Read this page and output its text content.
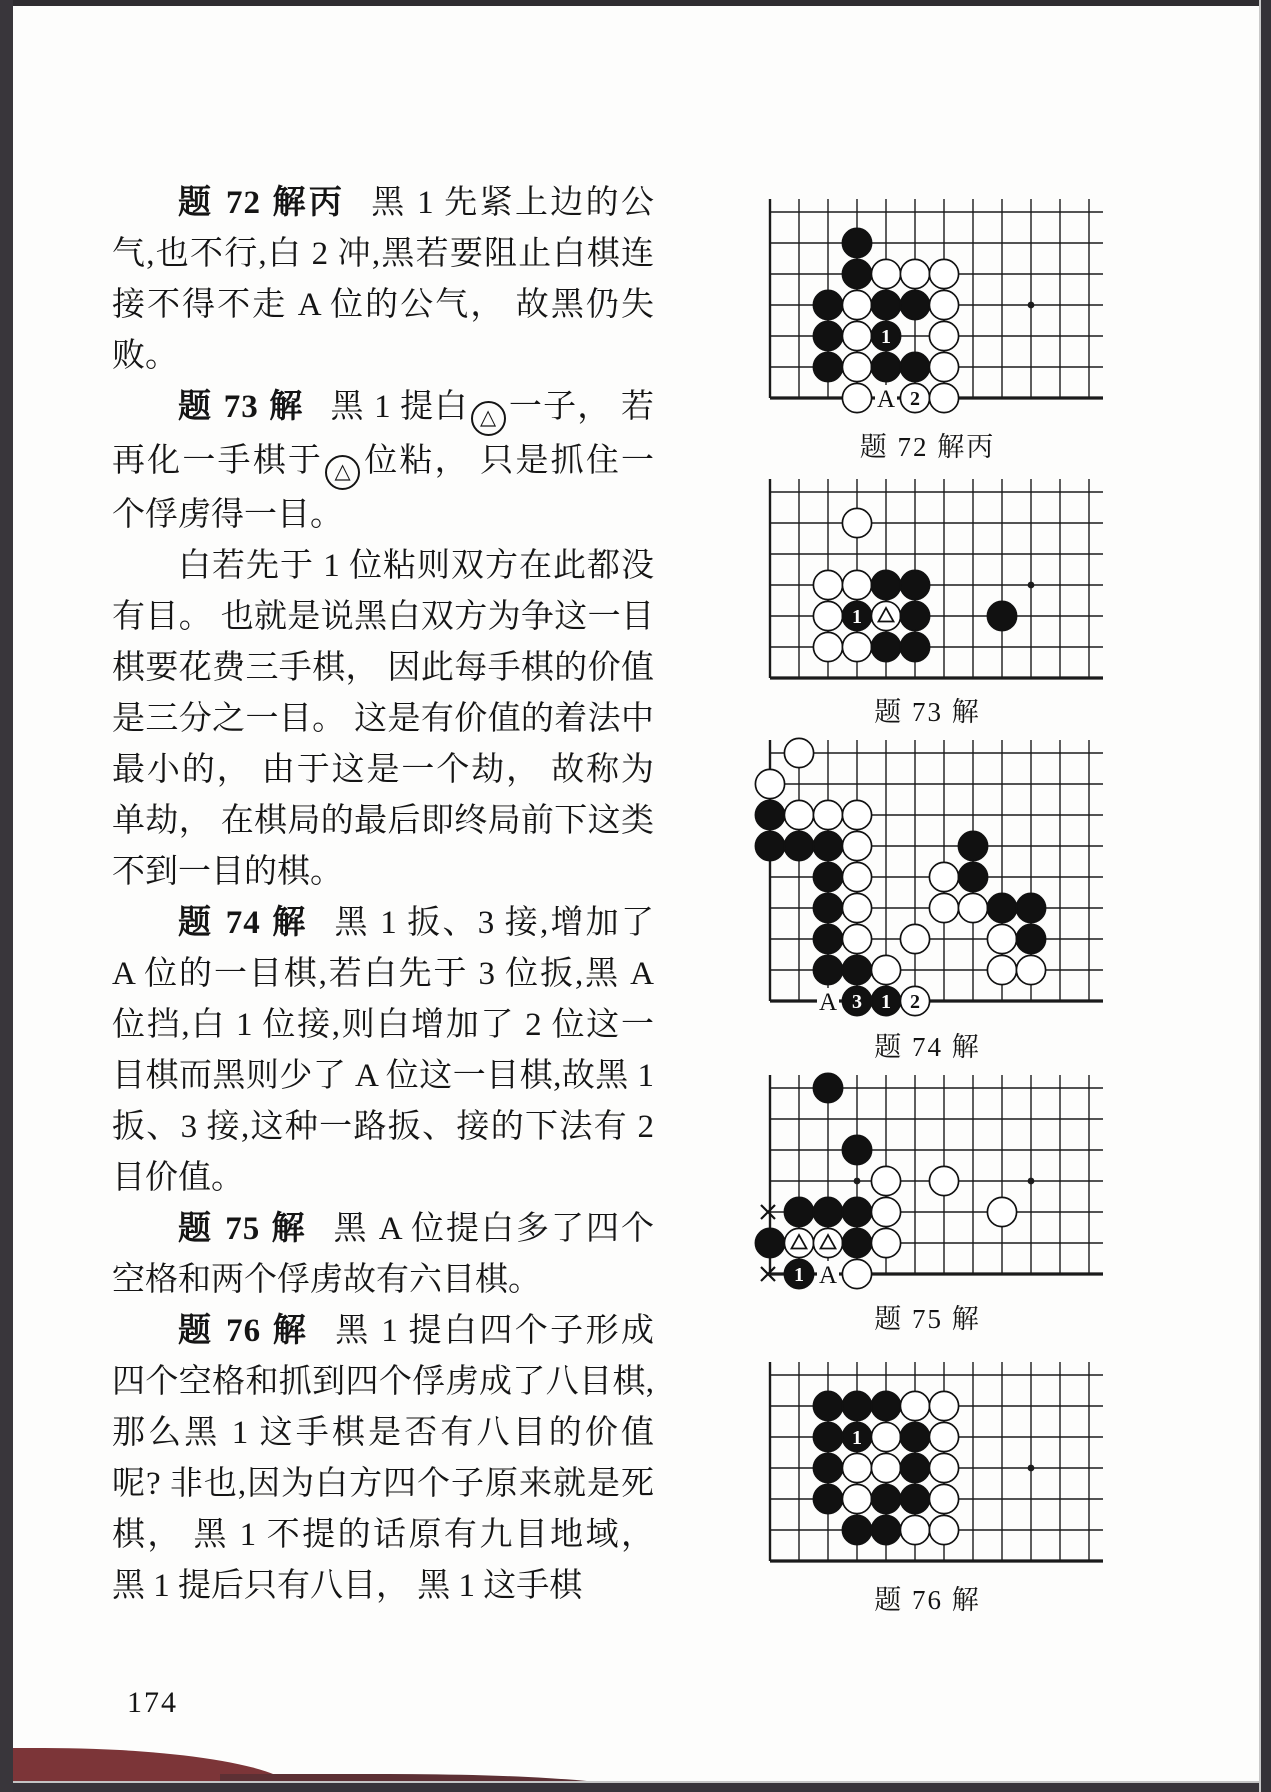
题 72 解丙 黑 1 先紧上边的公气,也不行,白 2 冲,黑若要阻止白棋连接不得不走 A 位的公气， 故黑仍失败。

题 73 解 黑 1 提白 △ 一子， 若再化一手棋于 △ 位粘， 只是抓住一个俘虏得一目。

白若先于 1 位粘则双方在此都没有目。 也就是说黑白双方为争这一目棋要花费三手棋， 因此每手棋的价值是三分之一目。 这是有价值的着法中最小的， 由于这是一个劫， 故称为单劫， 在棋局的最后即终局前下这类不到一目的棋。

题 74 解 黑 1 扳、3 接,增加了 A 位的一目棋,若白先于 3 位扳,黑 A 位挡,白 1 位接,则白增加了 2 位这一目棋而黑则少了 A 位这一目棋,故黑 1 扳、3 接,这种一路扳、接的下法有 2 目价值。

题 75 解 黑 A 位提白多了四个空格和两个俘虏故有六目棋。

题 76 解 黑 1 提白四个子形成四个空格和抓到四个俘虏成了八目棋,那么黑 1 这手棋是否有八目的价值呢? 非也,因为白方四个子原来就是死棋， 黑 1 不提的话原有九目地域， 黑 1 提后只有八目， 黑 1 这手棋

1
2
A
题 72 解丙
1
题 73 解
3 1 2
A
题 74 解
1 A
题 75 解
1
题 76 解
174
